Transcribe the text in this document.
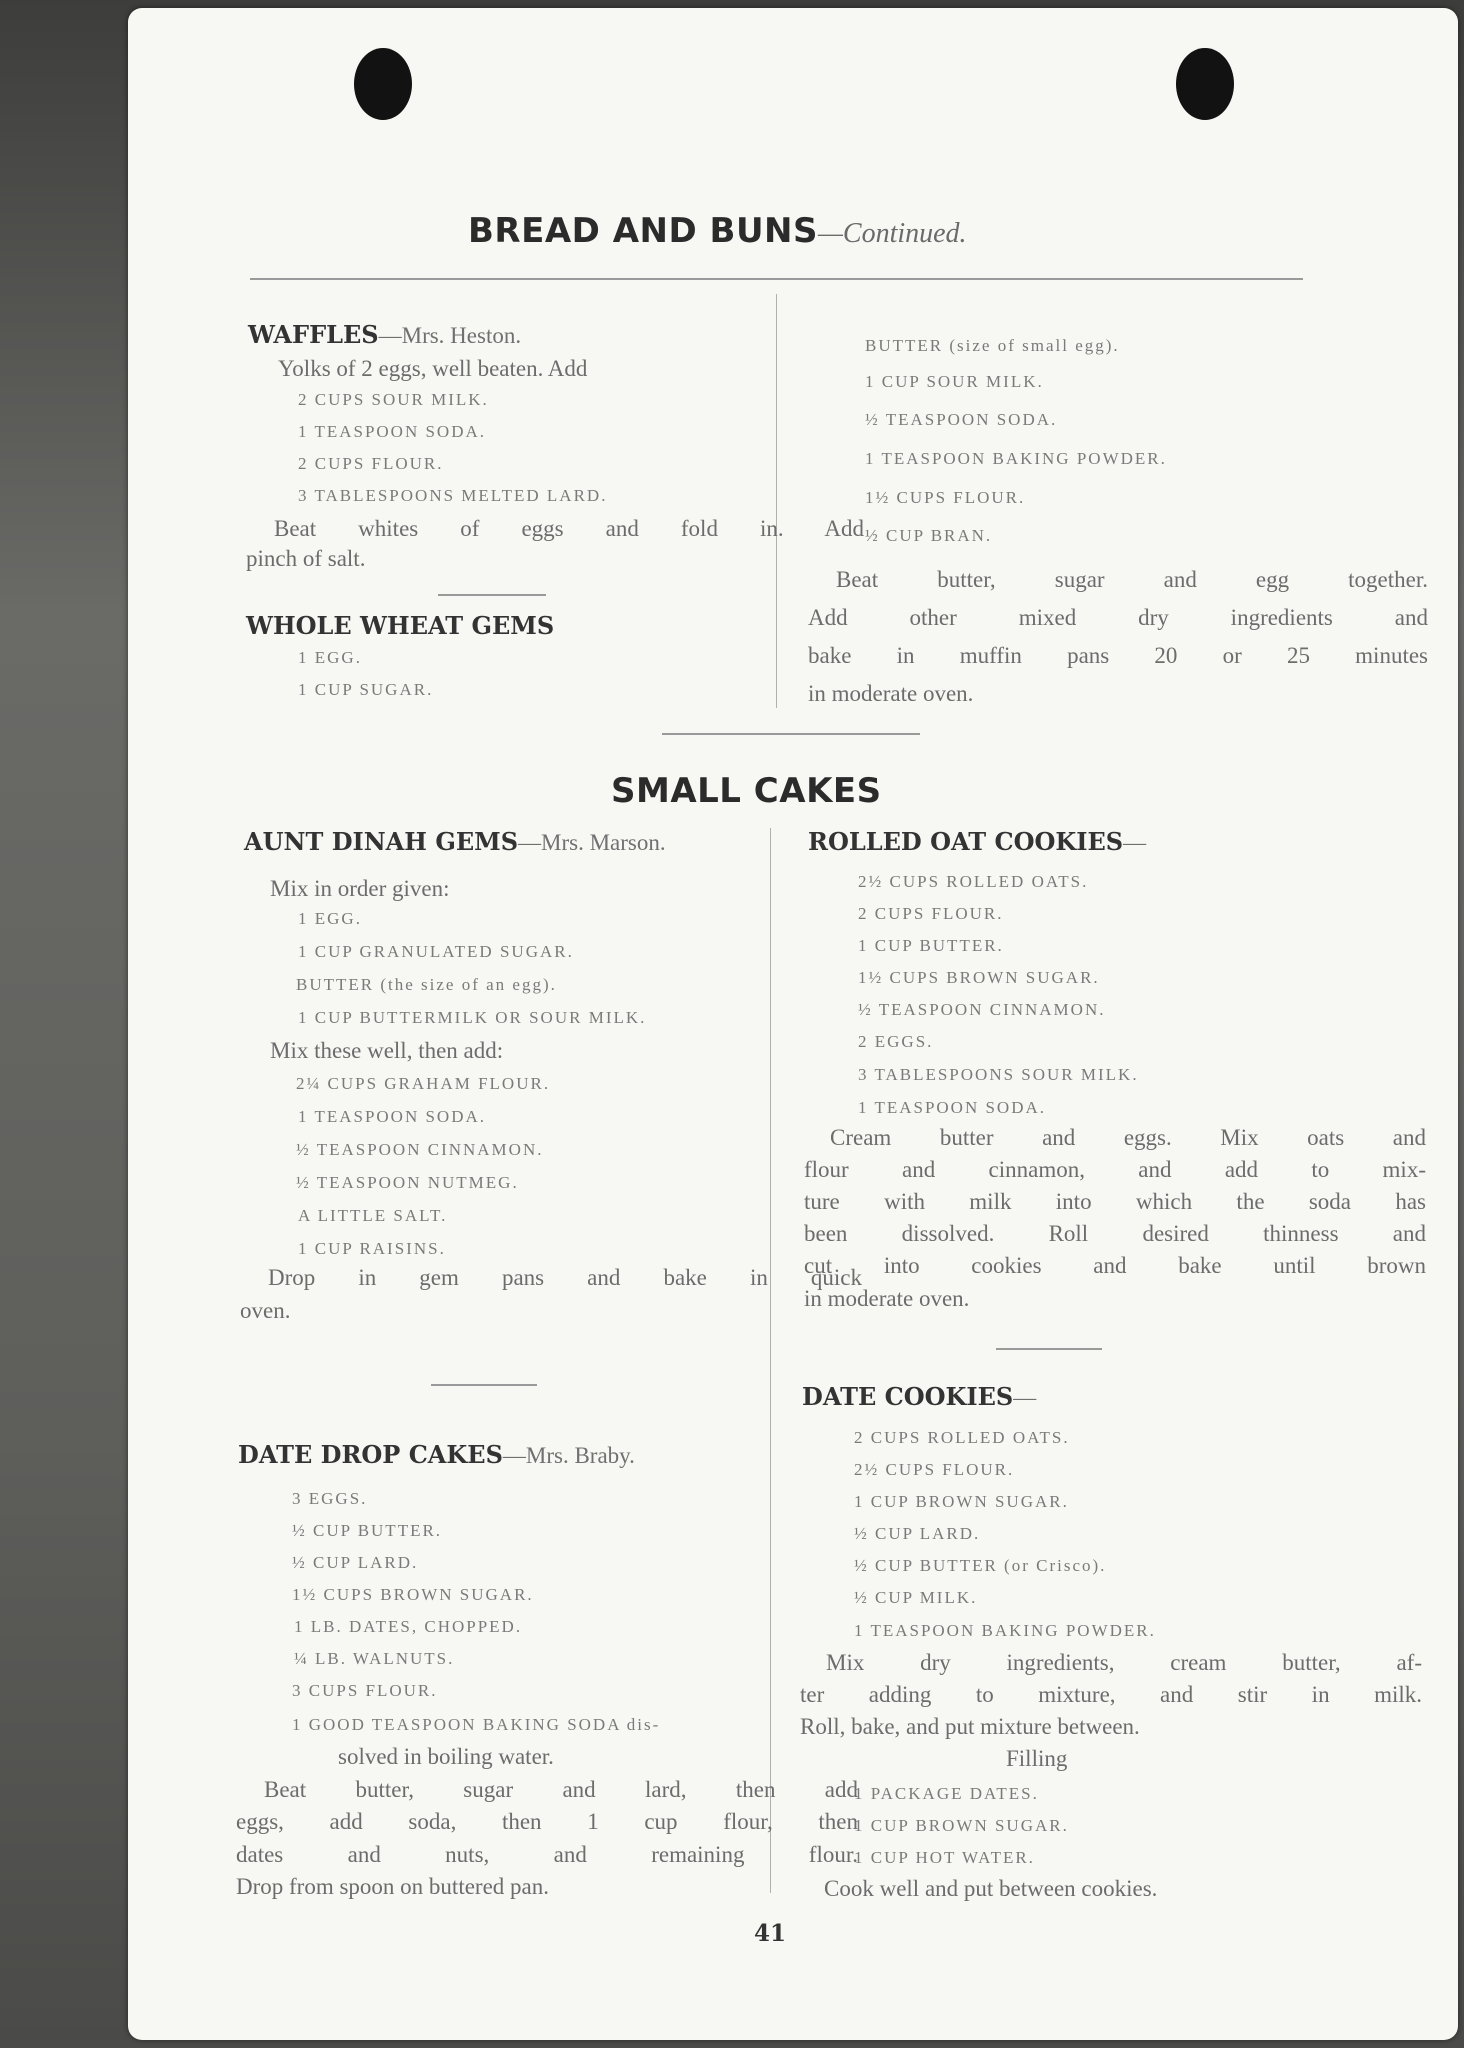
BREAD AND BUNS—Continued.
WAFFLES—Mrs. Heston.
Yolks of 2 eggs, well beaten. Add
2 CUPS SOUR MILK.
1 TEASPOON SODA.
2 CUPS FLOUR.
3 TABLESPOONS MELTED LARD.
Beat whites of eggs and fold in. Add
pinch of salt.
WHOLE WHEAT GEMS
1 EGG.
1 CUP SUGAR.
BUTTER (size of small egg).
1 CUP SOUR MILK.
½ TEASPOON SODA.
1 TEASPOON BAKING POWDER.
1½ CUPS FLOUR.
½ CUP BRAN.
Beat butter, sugar and egg together.
Add other mixed dry ingredients and
bake in muffin pans 20 or 25 minutes
in moderate oven.
SMALL CAKES
AUNT DINAH GEMS—Mrs. Marson.
Mix in order given:
1 EGG.
1 CUP GRANULATED SUGAR.
BUTTER (the size of an egg).
1 CUP BUTTERMILK OR SOUR MILK.
Mix these well, then add:
2¼ CUPS GRAHAM FLOUR.
1 TEASPOON SODA.
½ TEASPOON CINNAMON.
½ TEASPOON NUTMEG.
A LITTLE SALT.
1 CUP RAISINS.
Drop in gem pans and bake in quick
oven.
DATE DROP CAKES—Mrs. Braby.
3 EGGS.
½ CUP BUTTER.
½ CUP LARD.
1½ CUPS BROWN SUGAR.
1 LB. DATES, CHOPPED.
¼ LB. WALNUTS.
3 CUPS FLOUR.
1 GOOD TEASPOON BAKING SODA dis-
solved in boiling water.
Beat butter, sugar and lard, then add
eggs, add soda, then 1 cup flour, then
dates and nuts, and remaining flour.
Drop from spoon on buttered pan.
ROLLED OAT COOKIES—
2½ CUPS ROLLED OATS.
2 CUPS FLOUR.
1 CUP BUTTER.
1½ CUPS BROWN SUGAR.
½ TEASPOON CINNAMON.
2 EGGS.
3 TABLESPOONS SOUR MILK.
1 TEASPOON SODA.
Cream butter and eggs. Mix oats and
flour and cinnamon, and add to mix-
ture with milk into which the soda has
been dissolved. Roll desired thinness and
cut into cookies and bake until brown
in moderate oven.
DATE COOKIES—
2 CUPS ROLLED OATS.
2½ CUPS FLOUR.
1 CUP BROWN SUGAR.
½ CUP LARD.
½ CUP BUTTER (or Crisco).
½ CUP MILK.
1 TEASPOON BAKING POWDER.
Mix dry ingredients, cream butter, af-
ter adding to mixture, and stir in milk.
Roll, bake, and put mixture between.
Filling
1 PACKAGE DATES.
1 CUP BROWN SUGAR.
1 CUP HOT WATER.
Cook well and put between cookies.
41
